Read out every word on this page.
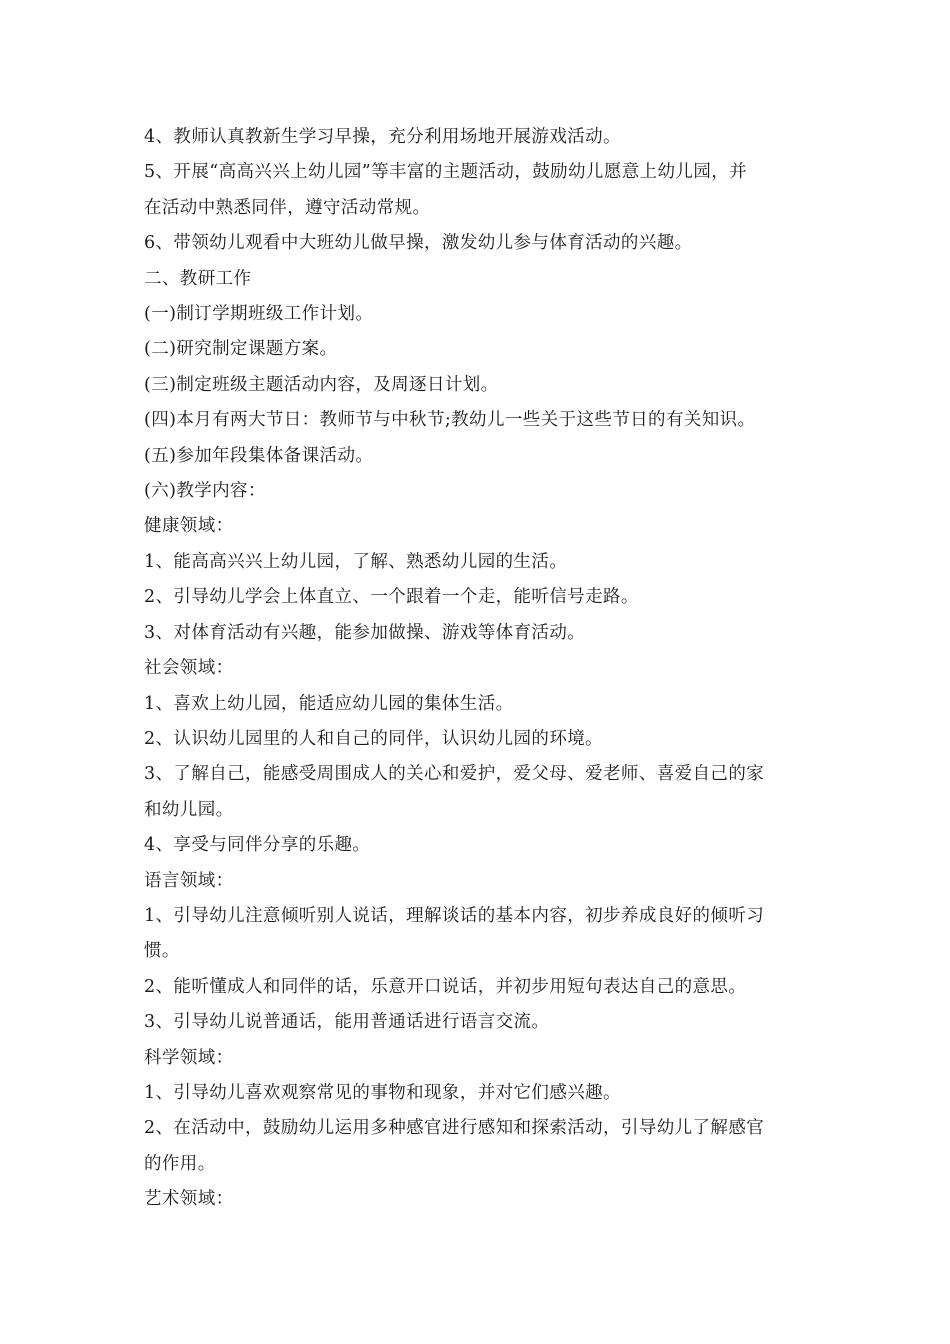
4、教师认真教新生学习早操，充分利用场地开展游戏活动。
5、开展“高高兴兴上幼儿园”等丰富的主题活动，鼓励幼儿愿意上幼儿园，并
在活动中熟悉同伴，遵守活动常规。
6、带领幼儿观看中大班幼儿做早操，激发幼儿参与体育活动的兴趣。
二、教研工作
(一)制订学期班级工作计划。
(二)研究制定课题方案。
(三)制定班级主题活动内容，及周逐日计划。
(四)本月有两大节日：教师节与中秋节;教幼儿一些关于这些节日的有关知识。
(五)参加年段集体备课活动。
(六)教学内容：
健康领域：
1、能高高兴兴上幼儿园，了解、熟悉幼儿园的生活。
2、引导幼儿学会上体直立、一个跟着一个走，能听信号走路。
3、对体育活动有兴趣，能参加做操、游戏等体育活动。
社会领域：
1、喜欢上幼儿园，能适应幼儿园的集体生活。
2、认识幼儿园里的人和自己的同伴，认识幼儿园的环境。
3、了解自己，能感受周围成人的关心和爱护，爱父母、爱老师、喜爱自己的家
和幼儿园。
4、享受与同伴分享的乐趣。
语言领域：
1、引导幼儿注意倾听别人说话，理解谈话的基本内容，初步养成良好的倾听习
惯。
2、能听懂成人和同伴的话，乐意开口说话，并初步用短句表达自己的意思。
3、引导幼儿说普通话，能用普通话进行语言交流。
科学领域：
1、引导幼儿喜欢观察常见的事物和现象，并对它们感兴趣。
2、在活动中，鼓励幼儿运用多种感官进行感知和探索活动，引导幼儿了解感官
的作用。
艺术领域：
